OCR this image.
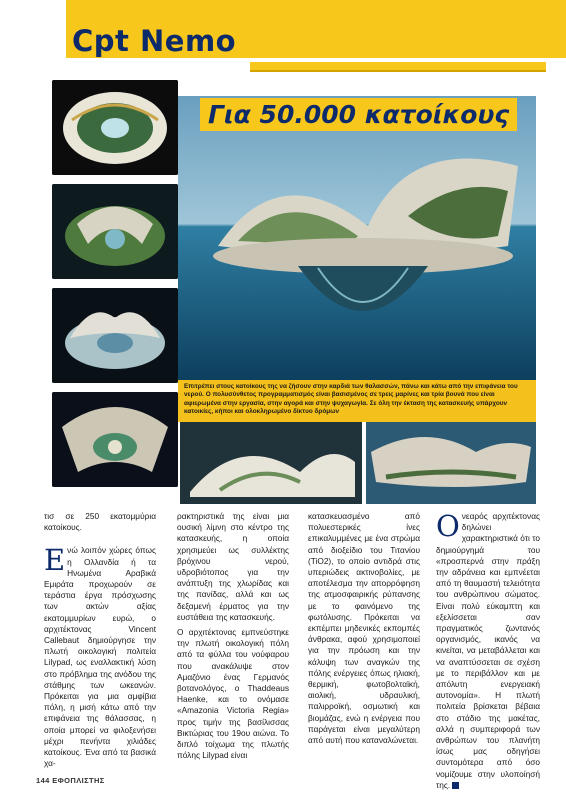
Cpt Nemo
Για 50.000 κατοίκους
Επιτρέπει στους κατοίκους της να ζήσουν στην καρδιά των θαλασσών, πάνω και κάτω από την επιφάνεια του νερού. Ο πολυσύνθετος προγραμματισμός είναι βασισμένος σε τρεις μαρίνες και τρία βουνά που είναι αφιερωμένα στην εργασία, στην αγορά και στην ψυχαγωγία. Σε όλη την έκταση της κατασκευής υπάρχουν κατοικίες, κήποι και ολοκληρωμένο δίκτυο δρόμων

τισ σε 250 εκατομμύρια κατοίκους.

Ενώ λοιπόν χώρες όπως η Ολλανδία ή τα Ηνωμένα Αραβικά Εμιράτα προχωρούν σε τεράστια έργα πρόσχωσης των ακτών αξίας εκατομμυρίων ευρώ, ο αρχιτέκτονας Vincent Callebaut δημιούργησε την πλωτή οικολογική πολιτεία Lilypad, ως εναλλακτική λύση στο πρόβλημα της ανόδου της στάθμης των ωκεανών. Πρόκειται για μια αμφίβια πόλη, η μισή κάτω από την επιφάνεια της θάλασσας, η οποία μπορεί να φιλοξενήσει μέχρι πενήντα χιλιάδες κατοίκους. Ένα από τα βασικά χα-

ρακτηριστικά της είναι μια ουσική λίμνη στο κέντρο της κατασκευής, η οποία χρησιμεύει ως συλλέκτης βρόχινου νερού, υδροβιότοπος για την ανάπτυξη της χλωρίδας και της πανίδας, αλλά και ως δεξαμενή έρματος για την ευστάθεια της κατασκευής.

Ο αρχιτέκτονας εμπνεύστηκε την πλωτή οικολογική πόλη από τα φύλλα του νούφαρου που ανακάλυψε στον Αμαζόνιο ένας Γερμανός βοτανολόγος, ο Thaddeaus Haenke, και το ονόμασε «Amazonia Victoria Regia» προς τιμήν της βασίλισσας Βικτώριας του 19ου αιώνα. Το διπλό τοίχωμα της πλωτής πόλης Lilypad είναι

κατασκευασμένο από πολυεστερικές ίνες επικαλυμμένες με ένα στρώμα από διοξείδιο του Τιτανίου (TiO2), το οποίο αντιδρά στις υπεριώδεις ακτινοβολίες, με αποτέλεσμα την απορρόφηση της ατμοσφαιρικής ρύπανσης με το φαινόμενο της φωτόλυσης. Πρόκειται να εκπέμπει μηδενικές εκπομπές άνθρακα, αφού χρησιμοποιεί για την πρόωση και την κάλυψη των αναγκών της πόλης ενέργειες όπως ηλιακή, θερμική, φωτοβολταϊκή, αιολική, υδραυλική, παλιρροϊκή, οσμωτική και βιομάζας, ενώ η ενέργεια που παράγεται είναι μεγαλύτερη από αυτή που καταναλώνεται.

Ονεαρός αρχιτέκτονας δηλώνει χαρακτηριστικά ότι το δημιούργημά του «προσπερνά στην πράξη την αδράνεια και εμπνέεται από τη θαυμαστή τελειότητα του ανθρώπινου σώματος. Είναι πολύ εύκαμπτη και εξελίσσεται σαν πραγματικός ζωντανός οργανισμός, ικανός να κινείται, να μεταβάλλεται και να αναπτύσσεται σε σχέση με το περιβάλλον και με απόλυτη ενεργειακή αυτονομία». Η πλωτή πολιτεία βρίσκεται βέβαια στο στάδιο της μακέτας, αλλά η συμπεριφορά των ανθρώπων του πλανήτη ίσως μας οδηγήσει συντομότερα από όσο νομίζουμε στην υλοποίησή της.

144 ΕΦΟΠΛΙΣΤΗΣ
